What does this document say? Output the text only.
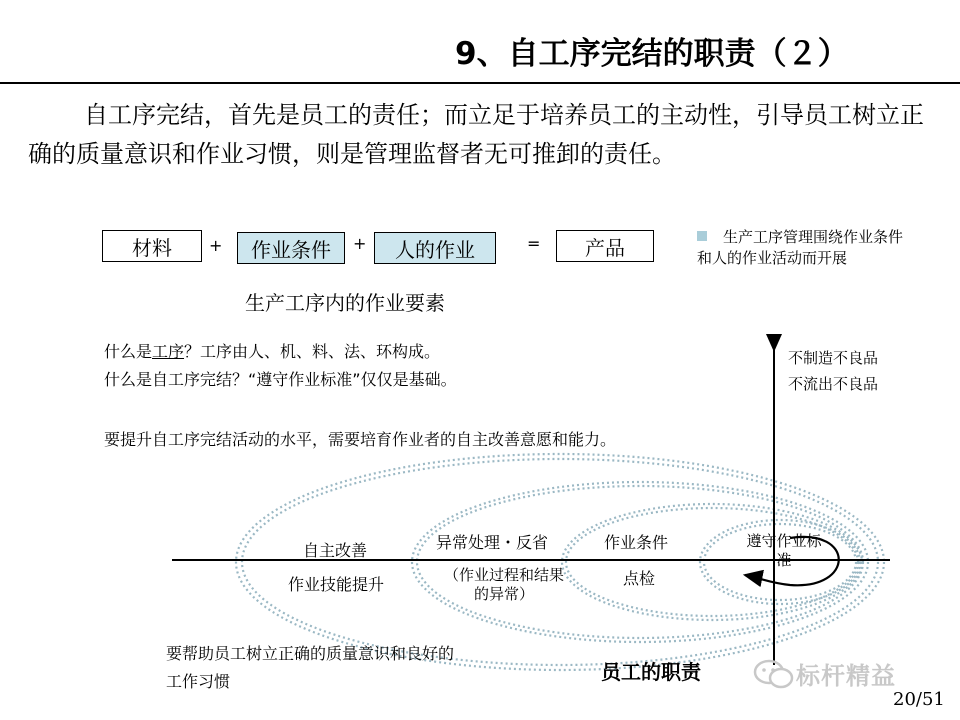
9、自工序完结的职责（２）
自工序完结，首先是员工的责任；而立足于培养员工的主动性，引导员工树立正确的质量意识和作业习惯，则是管理监督者无可推卸的责任。
材料	+	作业条件	+	人的作业	=	产品
生产工序内的作业要素
生产工序管理围绕作业条件和人的作业活动而开展
什么是工序？工序由人、机、料、法、环构成。
什么是自工序完结？“遵守作业标准”仅仅是基础。
要提升自工序完结活动的水平，需要培育作业者的自主改善意愿和能力。
不制造不良品
不流出不良品
自主改善
作业技能提升
异常处理・反省
（作业过程和结果的异常）
作业条件
点检
遵守作业标准
要帮助员工树立正确的质量意识和良好的工作习惯	员工的职责	标杆精益
20/51
